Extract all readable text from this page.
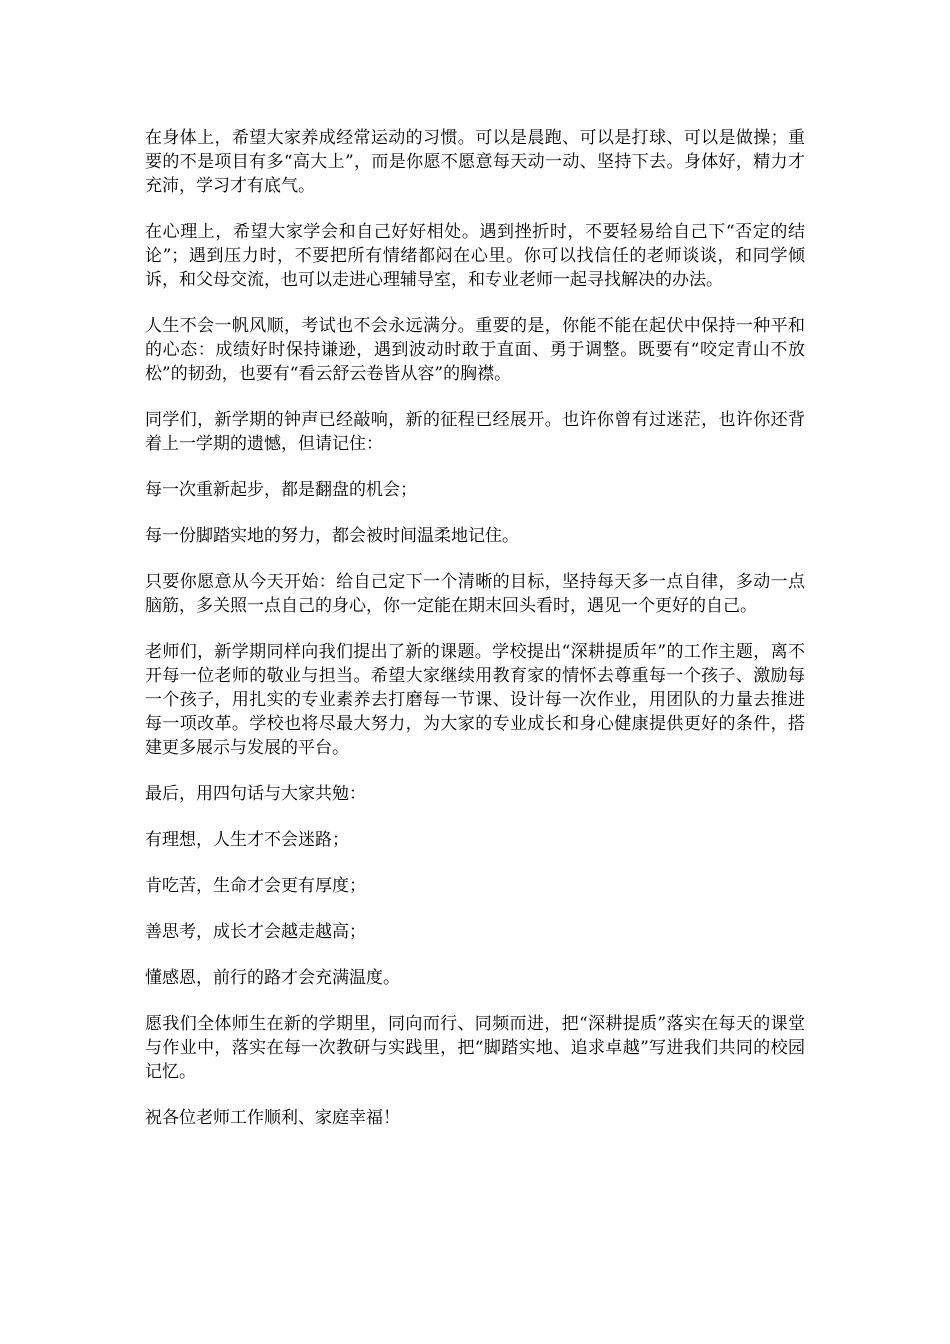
在身体上，希望大家养成经常运动的习惯。可以是晨跑、可以是打球、可以是做操；重要的不是项目有多“高大上”，而是你愿不愿意每天动一动、坚持下去。身体好，精力才充沛，学习才有底气。

在心理上，希望大家学会和自己好好相处。遇到挫折时，不要轻易给自己下“否定的结论”；遇到压力时，不要把所有情绪都闷在心里。你可以找信任的老师谈谈，和同学倾诉，和父母交流，也可以走进心理辅导室，和专业老师一起寻找解决的办法。

人生不会一帆风顺，考试也不会永远满分。重要的是，你能不能在起伏中保持一种平和的心态：成绩好时保持谦逊，遇到波动时敢于直面、勇于调整。既要有“咬定青山不放松”的韧劲，也要有“看云舒云卷皆从容”的胸襟。

同学们，新学期的钟声已经敲响，新的征程已经展开。也许你曾有过迷茫，也许你还背着上一学期的遗憾，但请记住：

每一次重新起步，都是翻盘的机会；

每一份脚踏实地的努力，都会被时间温柔地记住。

只要你愿意从今天开始：给自己定下一个清晰的目标，坚持每天多一点自律，多动一点脑筋，多关照一点自己的身心，你一定能在期末回头看时，遇见一个更好的自己。

老师们，新学期同样向我们提出了新的课题。学校提出“深耕提质年”的工作主题，离不开每一位老师的敬业与担当。希望大家继续用教育家的情怀去尊重每一个孩子、激励每一个孩子，用扎实的专业素养去打磨每一节课、设计每一次作业，用团队的力量去推进每一项改革。学校也将尽最大努力，为大家的专业成长和身心健康提供更好的条件，搭建更多展示与发展的平台。

最后，用四句话与大家共勉：

有理想，人生才不会迷路；

肯吃苦，生命才会更有厚度；

善思考，成长才会越走越高；

懂感恩，前行的路才会充满温度。

愿我们全体师生在新的学期里，同向而行、同频而进，把“深耕提质”落实在每天的课堂与作业中，落实在每一次教研与实践里，把“脚踏实地、追求卓越”写进我们共同的校园记忆。

祝各位老师工作顺利、家庭幸福！
